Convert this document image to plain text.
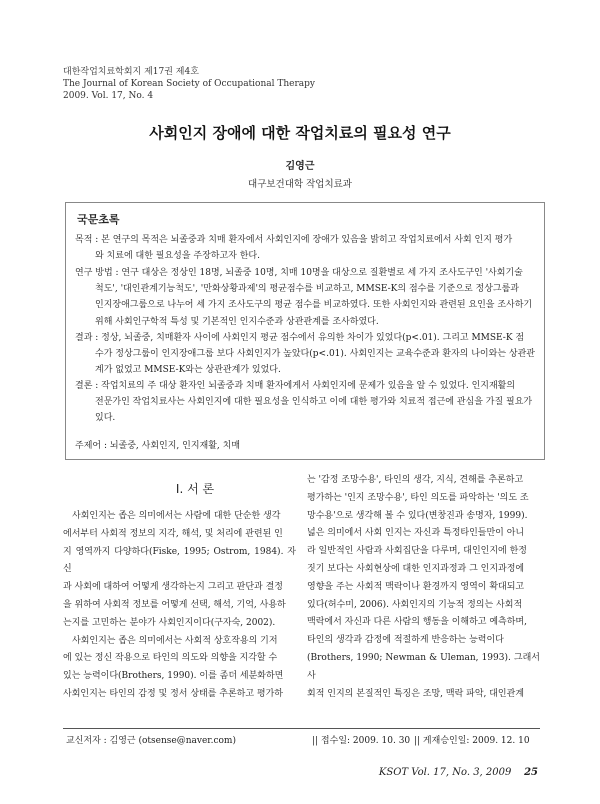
대한작업치료학회지 제17권 제4호
The Journal of Korean Society of Occupational Therapy
2009. Vol. 17, No. 4
사회인지 장애에 대한 작업치료의 필요성 연구
김영근
대구보건대학 작업치료과
국문초록
목적 : 본 연구의 목적은 뇌졸중과 치매 환자에서 사회인지에 장애가 있음을 밝히고 작업치료에서 사회 인지 평가
와 치료에 대한 필요성을 주장하고자 한다.
연구 방법 : 연구 대상은 정상인 18명, 뇌졸중 10명, 치매 10명을 대상으로 질환별로 세 가지 조사도구인 '사회기술
척도', '대인관계기능척도', '만화상황과제'의 평균점수를 비교하고, MMSE-K의 점수를 기준으로 정상그룹과
인지장애그룹으로 나누어 세 가지 조사도구의 평균 점수를 비교하였다. 또한 사회인지와 관련된 요인을 조사하기
위해 사회인구학적 특성 및 기본적인 인지수준과 상관관계를 조사하였다.
결과 : 정상, 뇌졸중, 치매환자 사이에 사회인지 평균 점수에서 유의한 차이가 있었다(p<.01). 그리고 MMSE-K 점
수가 정상그룹이 인지장애그룹 보다 사회인지가 높았다(p<.01). 사회인지는 교육수준과 환자의 나이와는 상관관
계가 없었고 MMSE-K와는 상관관계가 있었다.
결론 : 작업치료의 주 대상 환자인 뇌졸중과 치매 환자에게서 사회인지에 문제가 있음을 알 수 있었다. 인지재활의
전문가인 작업치료사는 사회인지에 대한 필요성을 인식하고 이에 대한 평가와 치료적 접근에 관심을 가질 필요가
있다.
주제어 : 뇌졸중, 사회인지, 인지재활, 치매
Ⅰ. 서 론
사회인지는 좁은 의미에서는 사람에 대한 단순한 생각
에서부터 사회적 정보의 지각, 해석, 및 처리에 관련된 인
지 영역까지 다양하다(Fiske, 1995; Ostrom, 1984). 자신
과 사회에 대하여 어떻게 생각하는지 그리고 판단과 결정
을 위하여 사회적 정보를 어떻게 선택, 해석, 기억, 사용하
는지를 고민하는 분야가 사회인지이다(구자숙, 2002).
사회인지는 좁은 의미에서는 사회적 상호작용의 기저
에 있는 정신 작용으로 타인의 의도와 의향을 지각할 수
있는 능력이다(Brothers, 1990). 이를 좀더 세분화하면
사회인지는 타인의 감정 및 정서 상태를 추론하고 평가하
는 '감정 조망수용', 타인의 생각, 지식, 견해를 추론하고
평가하는 '인지 조망수용', 타인 의도를 파악하는 '의도 조
망수용'으로 생각해 볼 수 있다(변창진과 송명자, 1999).
넓은 의미에서 사회 인지는 자신과 특정타인들만이 아니
라 일반적인 사람과 사회집단을 다루며, 대인인지에 한정
짓기 보다는 사회현상에 대한 인지과정과 그 인지과정에
영향을 주는 사회적 맥락이나 환경까지 영역이 확대되고
있다(허수미, 2006). 사회인지의 기능적 정의는 사회적
맥락에서 자신과 다른 사람의 행동을 이해하고 예측하며,
타인의 생각과 감정에 적절하게 반응하는 능력이다
(Brothers, 1990; Newman & Uleman, 1993). 그래서 사
회적 인지의 본질적인 특징은 조망, 맥락 파악, 대인관계
교신저자 : 김영근 (otsense@naver.com)	|| 접수일: 2009. 10. 30 || 게재승인일: 2009. 12. 10
KSOT Vol. 17, No. 3, 2009 25
